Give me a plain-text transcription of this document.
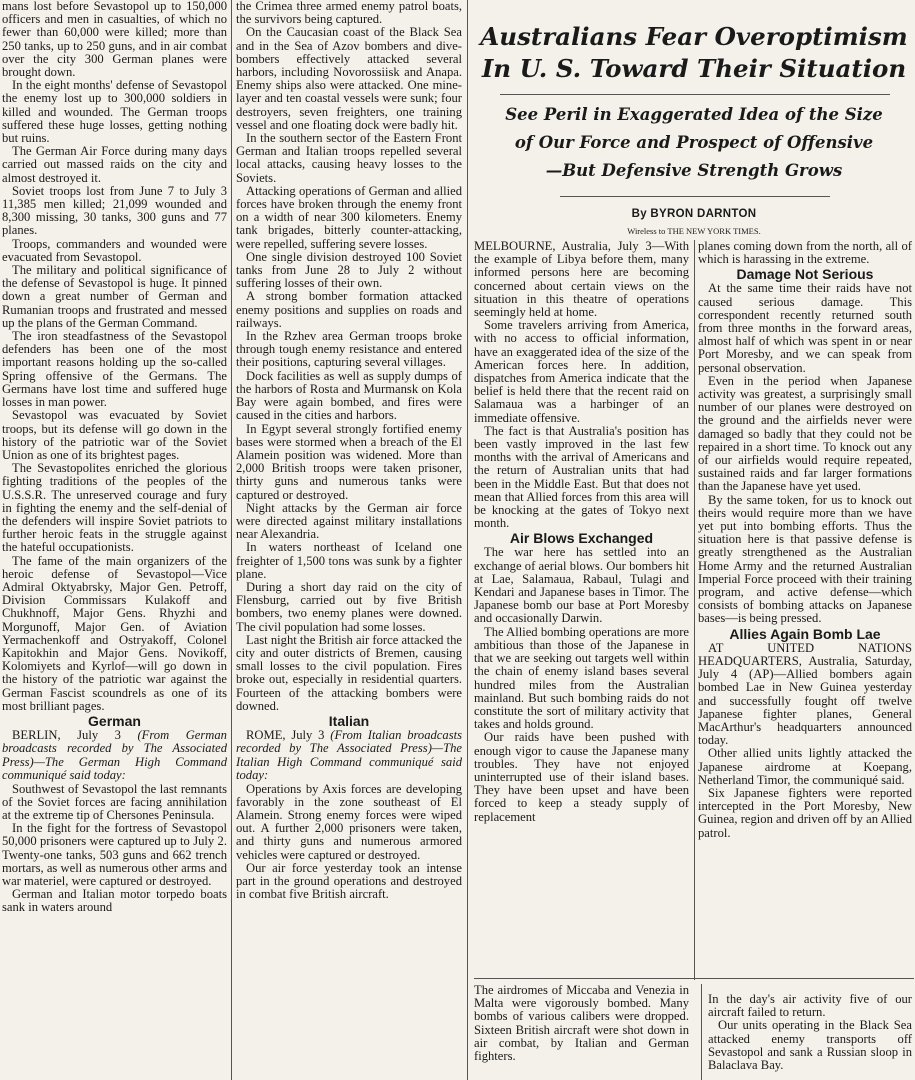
mans lost before Sevastopol up to 150,000 officers and men in casualties, of which no fewer than 60,000 were killed; more than 250 tanks, up to 250 guns, and in air combat over the city 300 German planes were brought down.

In the eight months' defense of Sevastopol the enemy lost up to 300,000 soldiers in killed and wounded. The German troops suffered these huge losses, getting nothing but ruins.

The German Air Force during many days carried out massed raids on the city and almost destroyed it.

Soviet troops lost from June 7 to July 3 11,385 men killed; 21,099 wounded and 8,300 missing, 30 tanks, 300 guns and 77 planes.

Troops, commanders and wounded were evacuated from Sevastopol.

The military and political significance of the defense of Sevastopol is huge. It pinned down a great number of German and Rumanian troops and frustrated and messed up the plans of the German Command.

The iron steadfastness of the Sevastopol defenders has been one of the most important reasons holding up the so-called Spring offensive of the Germans. The Germans have lost time and suffered huge losses in man power.

Sevastopol was evacuated by Soviet troops, but its defense will go down in the history of the patriotic war of the Soviet Union as one of its brightest pages.

The Sevastopolites enriched the glorious fighting traditions of the peoples of the U.S.S.R. The unreserved courage and fury in fighting the enemy and the self-denial of the defenders will inspire Soviet patriots to further heroic feats in the struggle against the hateful occupationists.

The fame of the main organizers of the heroic defense of Sevastopol—Vice Admiral Oktyabrsky, Major Gen. Petroff, Division Commissars Kulakoff and Chukhnoff, Major Gens. Rhyzhi and Morgunoff, Major Gen. of Aviation Yermachenkoff and Ostryakoff, Colonel Kapitokhin and Major Gens. Novikoff, Kolomiyets and Kyrlof—will go down in the history of the patriotic war against the German Fascist scoundrels as one of its most brilliant pages.

German

BERLIN, July 3 (From German broadcasts recorded by The Associated Press)—The German High Command communiqué said today:

Southwest of Sevastopol the last remnants of the Soviet forces are facing annihilation at the extreme tip of Chersones Peninsula.

In the fight for the fortress of Sevastopol 50,000 prisoners were captured up to July 2. Twenty-one tanks, 503 guns and 662 trench mortars, as well as numerous other arms and war materiel, were captured or destroyed.

German and Italian motor torpedo boats sank in waters around

the Crimea three armed enemy patrol boats, the survivors being captured.

On the Caucasian coast of the Black Sea and in the Sea of Azov bombers and dive-bombers effectively attacked several harbors, including Novorossiisk and Anapa. Enemy ships also were attacked. One mine-layer and ten coastal vessels were sunk; four destroyers, seven freighters, one training vessel and one floating dock were badly hit.

In the southern sector of the Eastern Front German and Italian troops repelled several local attacks, causing heavy losses to the Soviets.

Attacking operations of German and allied forces have broken through the enemy front on a width of near 300 kilometers. Enemy tank brigades, bitterly counter-attacking, were repelled, suffering severe losses.

One single division destroyed 100 Soviet tanks from June 28 to July 2 without suffering losses of their own.

A strong bomber formation attacked enemy positions and supplies on roads and railways.

In the Rzhev area German troops broke through tough enemy resistance and entered their positions, capturing several villages.

Dock facilities as well as supply dumps of the harbors of Rosta and Murmansk on Kola Bay were again bombed, and fires were caused in the cities and harbors.

In Egypt several strongly fortified enemy bases were stormed when a breach of the El Alamein position was widened. More than 2,000 British troops were taken prisoner, thirty guns and numerous tanks were captured or destroyed.

Night attacks by the German air force were directed against military installations near Alexandria.

In waters northeast of Iceland one freighter of 1,500 tons was sunk by a fighter plane.

During a short day raid on the city of Flensburg, carried out by five British bombers, two enemy planes were downed. The civil population had some losses.

Last night the British air force attacked the city and outer districts of Bremen, causing small losses to the civil population. Fires broke out, especially in residential quarters. Fourteen of the attacking bombers were downed.

Italian

ROME, July 3 (From Italian broadcasts recorded by The Associated Press)—The Italian High Command communiqué said today:

Operations by Axis forces are developing favorably in the zone southeast of El Alamein. Strong enemy forces were wiped out. A further 2,000 prisoners were taken, and thirty guns and numerous armored vehicles were captured or destroyed.

Our air force yesterday took an intense part in the ground operations and destroyed in combat five British aircraft.

Australians Fear Overoptimism
In U. S. Toward Their Situation
See Peril in Exaggerated Idea of the Size
of Our Force and Prospect of Offensive
—But Defensive Strength Grows
By BYRON DARNTON
Wireless to THE NEW YORK TIMES.

MELBOURNE, Australia, July 3—With the example of Libya before them, many informed persons here are becoming concerned about certain views on the situation in this theatre of operations seemingly held at home.

Some travelers arriving from America, with no access to official information, have an exaggerated idea of the size of the American forces here. In addition, dispatches from America indicate that the belief is held there that the recent raid on Salamaua was a harbinger of an immediate offensive.

The fact is that Australia's position has been vastly improved in the last few months with the arrival of Americans and the return of Australian units that had been in the Middle East. But that does not mean that Allied forces from this area will be knocking at the gates of Tokyo next month.

Air Blows Exchanged

The war here has settled into an exchange of aerial blows. Our bombers hit at Lae, Salamaua, Rabaul, Tulagi and Kendari and Japanese bases in Timor. The Japanese bomb our base at Port Moresby and occasionally Darwin.

The Allied bombing operations are more ambitious than those of the Japanese in that we are seeking out targets well within the chain of enemy island bases several hundred miles from the Australian mainland. But such bombing raids do not constitute the sort of military activity that takes and holds ground.

Our raids have been pushed with enough vigor to cause the Japanese many troubles. They have not enjoyed uninterrupted use of their island bases. They have been upset and have been forced to keep a steady supply of replacement

planes coming down from the north, all of which is harassing in the extreme.

Damage Not Serious

At the same time their raids have not caused serious damage. This correspondent recently returned south from three months in the forward areas, almost half of which was spent in or near Port Moresby, and we can speak from personal observation.

Even in the period when Japanese activity was greatest, a surprisingly small number of our planes were destroyed on the ground and the airfields never were damaged so badly that they could not be repaired in a short time. To knock out any of our airfields would require repeated, sustained raids and far larger formations than the Japanese have yet used.

By the same token, for us to knock out theirs would require more than we have yet put into bombing efforts. Thus the situation here is that passive defense is greatly strengthened as the Australian Home Army and the returned Australian Imperial Force proceed with their training program, and active defense—which consists of bombing attacks on Japanese bases—is being pressed.

Allies Again Bomb Lae

AT UNITED NATIONS HEADQUARTERS, Australia, Saturday, July 4 (AP)—Allied bombers again bombed Lae in New Guinea yesterday and successfully fought off twelve Japanese fighter planes, General MacArthur's headquarters announced today.

Other allied units lightly attacked the Japanese airdrome at Koepang, Netherland Timor, the communiqué said.

Six Japanese fighters were reported intercepted in the Port Moresby, New Guinea, region and driven off by an Allied patrol.

The airdromes of Miccaba and Venezia in Malta were vigorously bombed. Many bombs of various calibers were dropped. Sixteen British aircraft were shot down in air combat, by Italian and German fighters.

In the day's air activity five of our aircraft failed to return.

Our units operating in the Black Sea attacked enemy transports off Sevastopol and sank a Russian sloop in Balaclava Bay.
